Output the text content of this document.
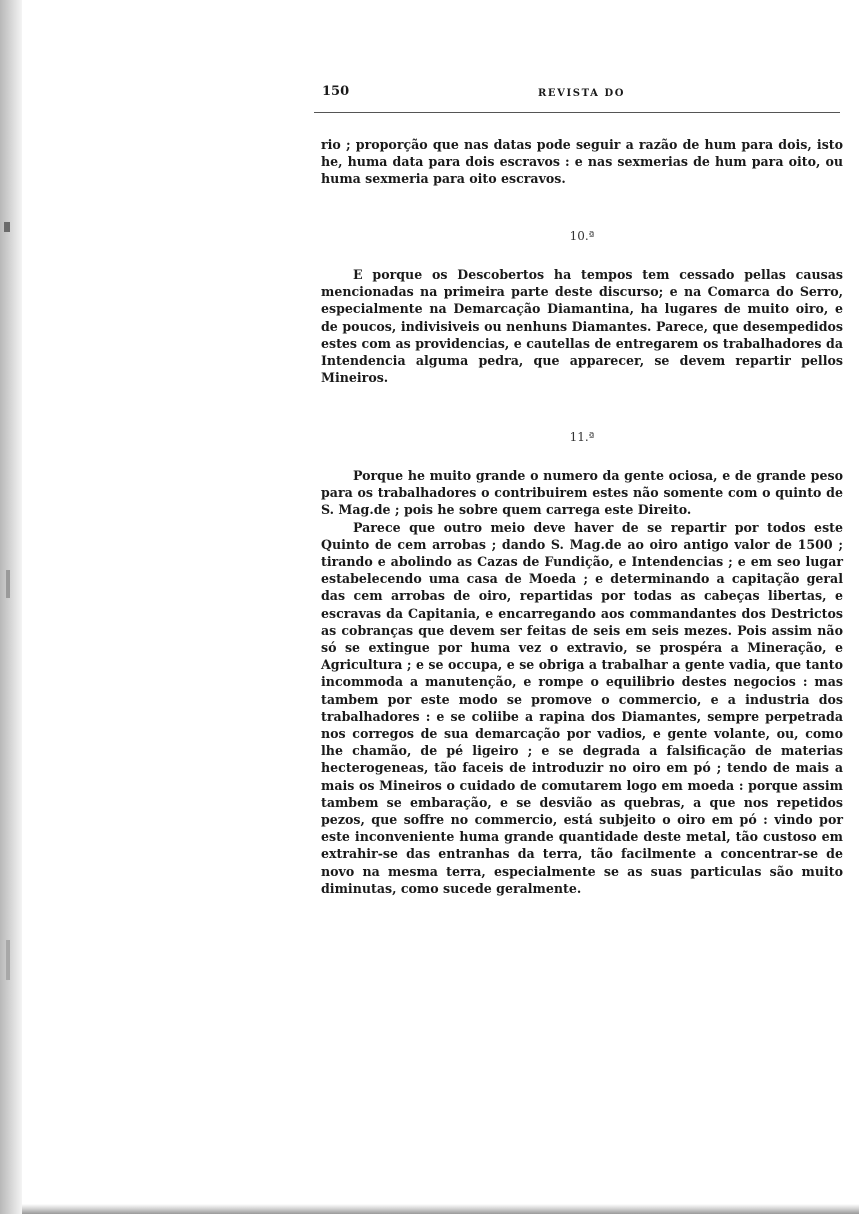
150	REVISTA DO

rio ; proporção que nas datas pode seguir a razão de hum para dois, isto he, huma data para dois escravos : e nas sexmerias de hum para oito, ou huma sexmeria para oito escravos.

10.ª

E porque os Descobertos ha tempos tem cessado pellas causas mencionadas na primeira parte deste discurso; e na Comarca do Serro, especialmente na Demarcação Diamantina, ha lugares de muito oiro, e de poucos, indivisiveis ou nenhuns Diamantes. Parece, que desempedidos estes com as providencias, e cautellas de entregarem os trabalhadores da Intendencia alguma pedra, que apparecer, se devem repartir pellos Mineiros.

11.ª

Porque he muito grande o numero da gente ociosa, e de grande peso para os trabalhadores o contribuirem estes não somente com o quinto de S. Mag.de ; pois he sobre quem carrega este Direito.

Parece que outro meio deve haver de se repartir por todos este Quinto de cem arrobas ; dando S. Mag.de ao oiro antigo valor de 1500 ; tirando e abolindo as Cazas de Fundição, e Intendencias ; e em seo lugar estabelecendo uma casa de Moeda ; e determinando a capitação geral das cem arrobas de oiro, repartidas por todas as cabeças libertas, e escravas da Capitania, e encarregando aos commandantes dos Destrictos as cobranças que devem ser feitas de seis em seis mezes. Pois assim não só se extingue por huma vez o extravio, se prospéra a Mineração, e Agricultura ; e se occupa, e se obriga a trabalhar a gente vadia, que tanto incommoda a manutenção, e rompe o equilibrio destes negocios : mas tambem por este modo se promove o commercio, e a industria dos trabalhadores : e se coliibe a rapina dos Diamantes, sempre perpetrada nos corregos de sua demarcação por vadios, e gente volante, ou, como lhe chamão, de pé ligeiro ; e se degrada a falsificação de materias hecterogeneas, tão faceis de introduzir no oiro em pó ; tendo de mais a mais os Mineiros o cuidado de comutarem logo em moeda : porque assim tambem se embaração, e se desvião as quebras, a que nos repetidos pezos, que soffre no commercio, está subjeito o oiro em pó : vindo por este inconveniente huma grande quantidade deste metal, tão custoso em extrahir-se das entranhas da terra, tão facilmente a concentrar-se de novo na mesma terra, especialmente se as suas particulas são muito diminutas, como sucede geralmente.
